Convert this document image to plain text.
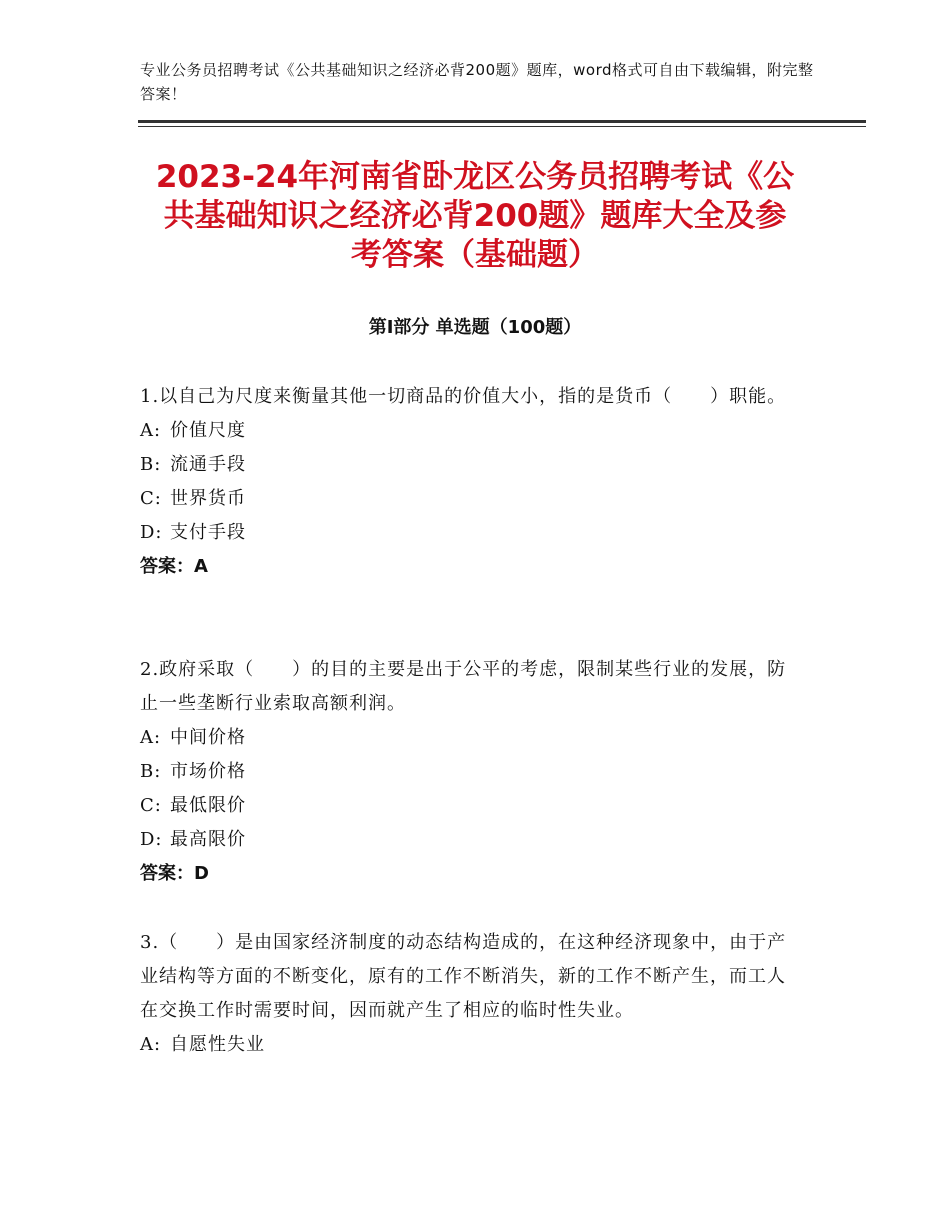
专业公务员招聘考试《公共基础知识之经济必背200题》题库，word格式可自由下载编辑，附完整答案！
2023-24年河南省卧龙区公务员招聘考试《公共基础知识之经济必背200题》题库大全及参考答案（基础题）
第Ⅰ部分 单选题（100题）
1.以自己为尺度来衡量其他一切商品的价值大小，指的是货币（　　）职能。
A: 价值尺度
B: 流通手段
C: 世界货币
D: 支付手段
答案：A
2.政府采取（　　）的目的主要是出于公平的考虑，限制某些行业的发展，防止一些垄断行业索取高额利润。
A: 中间价格
B: 市场价格
C: 最低限价
D: 最高限价
答案：D
3.（　　）是由国家经济制度的动态结构造成的，在这种经济现象中，由于产业结构等方面的不断变化，原有的工作不断消失，新的工作不断产生，而工人在交换工作时需要时间，因而就产生了相应的临时性失业。
A: 自愿性失业
